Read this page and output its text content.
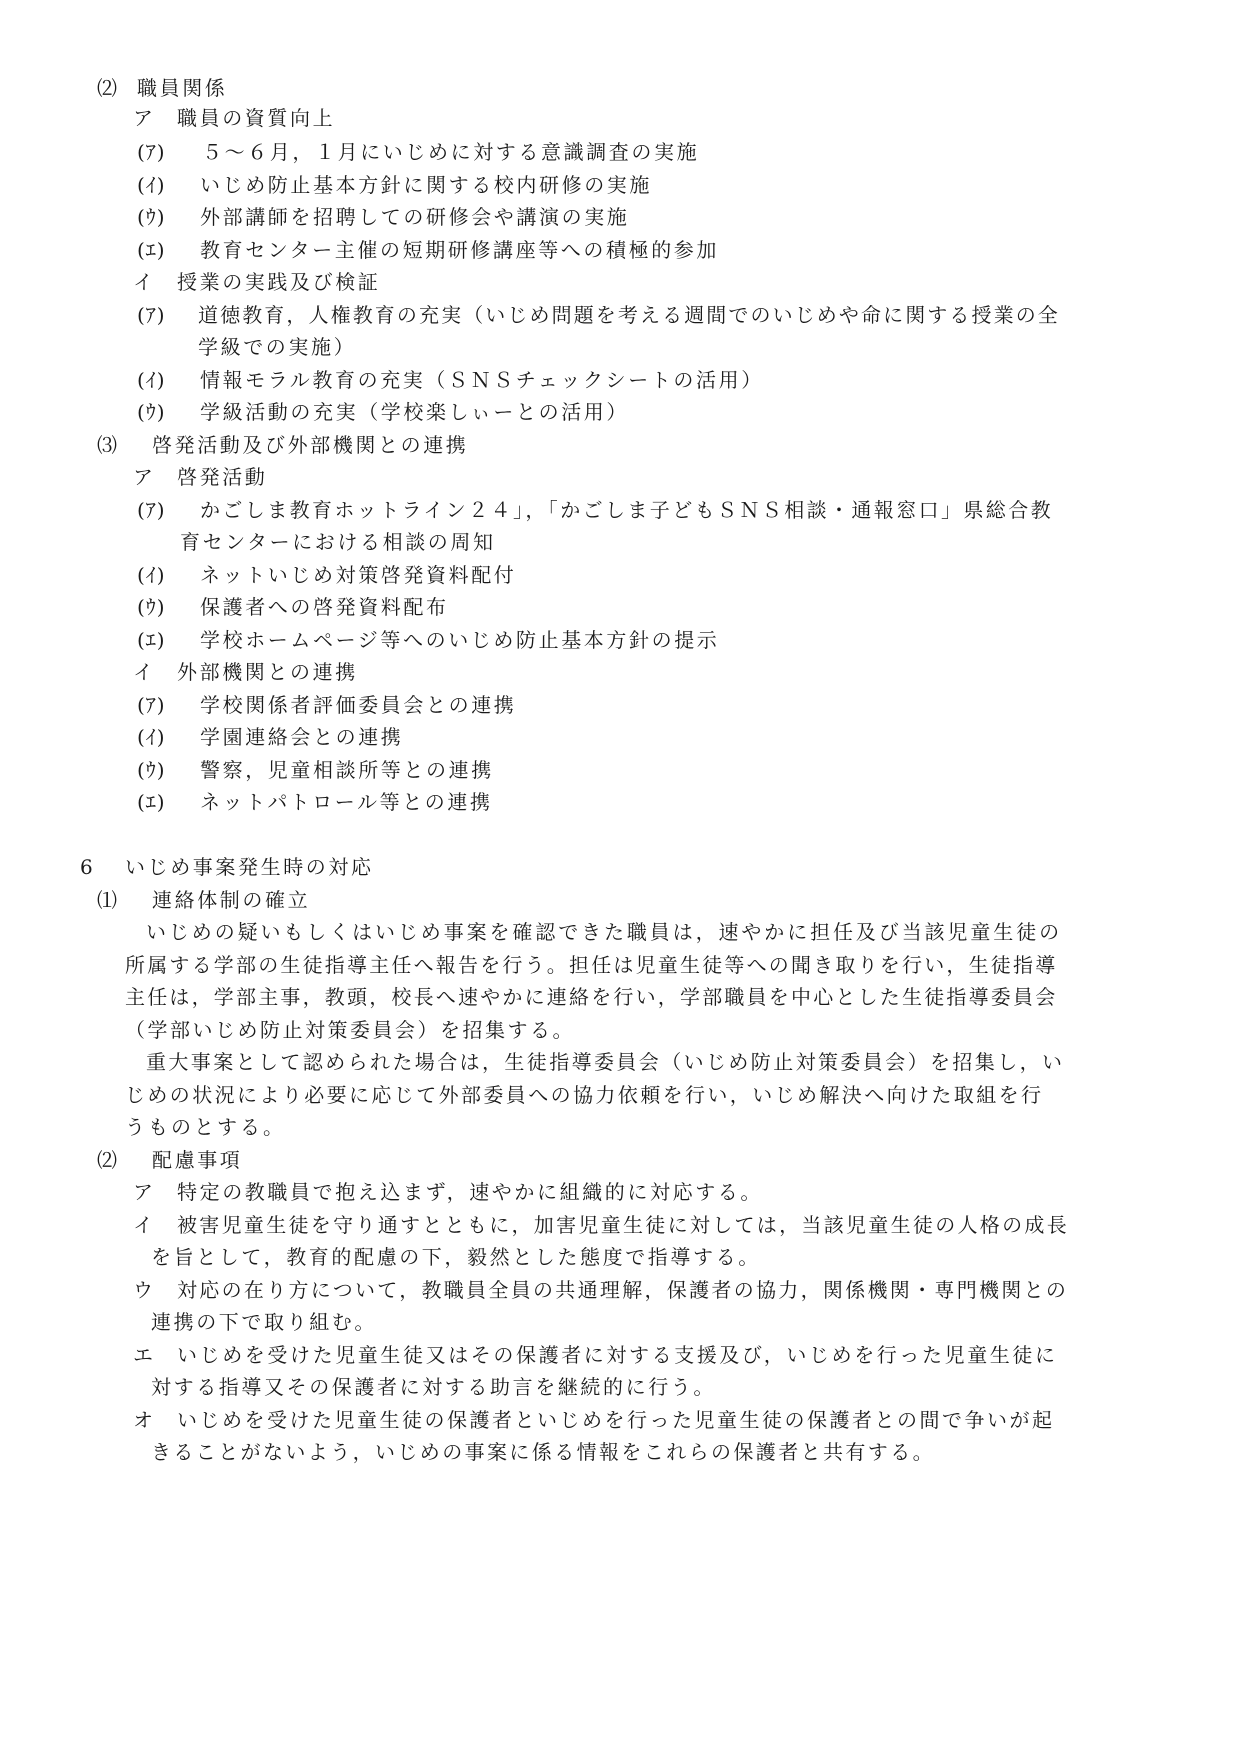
⑵ 職員関係
ア 職員の資質向上
(ｱ) ５～６月，１月にいじめに対する意識調査の実施
(ｲ) いじめ防止基本方針に関する校内研修の実施
(ｳ) 外部講師を招聘しての研修会や講演の実施
(ｴ) 教育センター主催の短期研修講座等への積極的参加
イ 授業の実践及び検証
(ｱ) 道徳教育，人権教育の充実（いじめ問題を考える週間でのいじめや命に関する授業の全
学級での実施）
(ｲ) 情報モラル教育の充実（ＳＮＳチェックシートの活用）
(ｳ) 学級活動の充実（学校楽しぃーとの活用）
⑶ 啓発活動及び外部機関との連携
ア 啓発活動
(ｱ) かごしま教育ホットライン２４」，「かごしま子どもＳＮＳ相談・通報窓口」県総合教
育センターにおける相談の周知
(ｲ) ネットいじめ対策啓発資料配付
(ｳ) 保護者への啓発資料配布
(ｴ) 学校ホームページ等へのいじめ防止基本方針の提示
イ 外部機関との連携
(ｱ) 学校関係者評価委員会との連携
(ｲ) 学園連絡会との連携
(ｳ) 警察，児童相談所等との連携
(ｴ) ネットパトロール等との連携
6 いじめ事案発生時の対応
⑴ 連絡体制の確立
いじめの疑いもしくはいじめ事案を確認できた職員は，速やかに担任及び当該児童生徒の
所属する学部の生徒指導主任へ報告を行う。担任は児童生徒等への聞き取りを行い，生徒指導
主任は，学部主事，教頭，校長へ速やかに連絡を行い，学部職員を中心とした生徒指導委員会
（学部いじめ防止対策委員会）を招集する。
重大事案として認められた場合は，生徒指導委員会（いじめ防止対策委員会）を招集し，い
じめの状況により必要に応じて外部委員への協力依頼を行い，いじめ解決へ向けた取組を行
うものとする。
⑵ 配慮事項
ア 特定の教職員で抱え込まず，速やかに組織的に対応する。
イ 被害児童生徒を守り通すとともに，加害児童生徒に対しては，当該児童生徒の人格の成長
を旨として，教育的配慮の下，毅然とした態度で指導する。
ウ 対応の在り方について，教職員全員の共通理解，保護者の協力，関係機関・専門機関との
連携の下で取り組む。
エ いじめを受けた児童生徒又はその保護者に対する支援及び，いじめを行った児童生徒に
対する指導又その保護者に対する助言を継続的に行う。
オ いじめを受けた児童生徒の保護者といじめを行った児童生徒の保護者との間で争いが起
きることがないよう，いじめの事案に係る情報をこれらの保護者と共有する。
